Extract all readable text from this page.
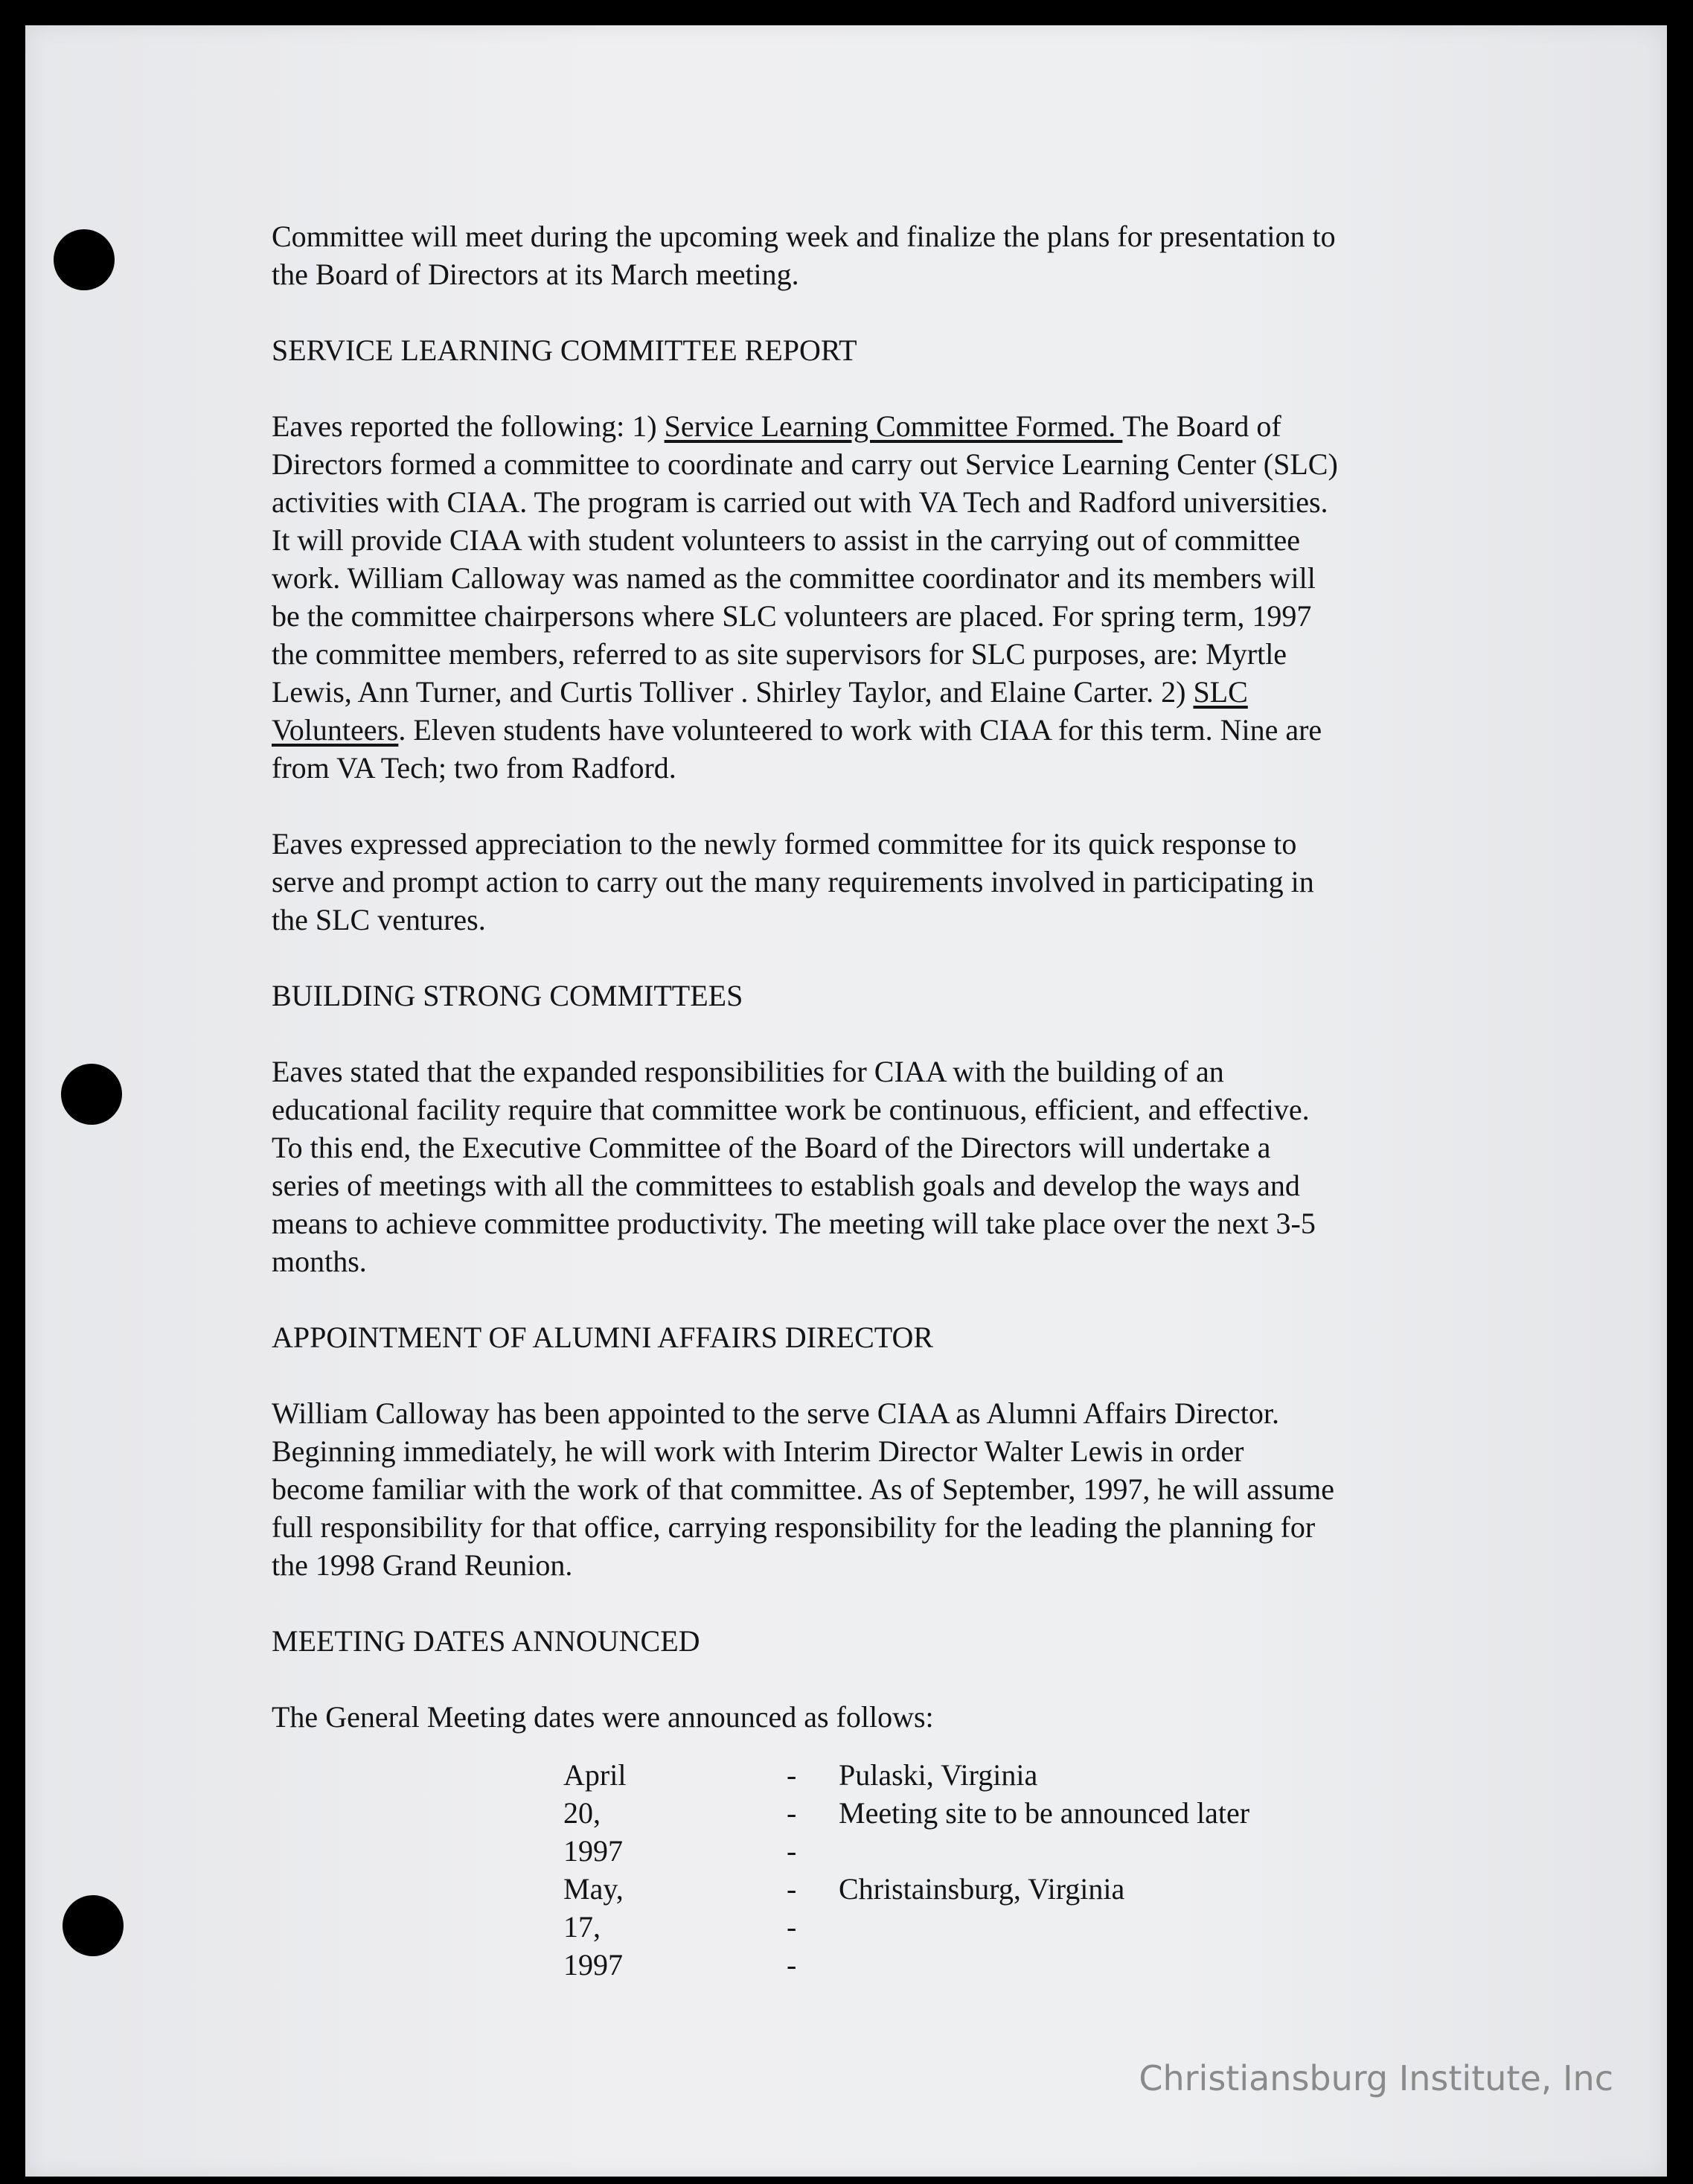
Committee will meet during the upcoming week and finalize the plans for presentation to
the Board of Directors at its March meeting.

SERVICE LEARNING COMMITTEE REPORT

Eaves reported the following: 1) Service Learning Committee Formed. The Board of
Directors formed a committee to coordinate and carry out Service Learning Center (SLC)
activities with CIAA. The program is carried out with VA Tech and Radford universities.
It will provide CIAA with student volunteers to assist in the carrying out of committee
work. William Calloway was named as the committee coordinator and its members will
be the committee chairpersons where SLC volunteers are placed. For spring term, 1997
the committee members, referred to as site supervisors for SLC purposes, are: Myrtle
Lewis, Ann Turner, and Curtis Tolliver . Shirley Taylor, and Elaine Carter. 2) SLC
Volunteers. Eleven students have volunteered to work with CIAA for this term. Nine are
from VA Tech; two from Radford.

Eaves expressed appreciation to the newly formed committee for its quick response to
serve and prompt action to carry out the many requirements involved in participating in
the SLC ventures.

BUILDING STRONG COMMITTEES

Eaves stated that the expanded responsibilities for CIAA with the building of an
educational facility require that committee work be continuous, efficient, and effective.
To this end, the Executive Committee of the Board of the Directors will undertake a
series of meetings with all the committees to establish goals and develop the ways and
means to achieve committee productivity. The meeting will take place over the next 3-5
months.

APPOINTMENT OF ALUMNI AFFAIRS DIRECTOR

William Calloway has been appointed to the serve CIAA as Alumni Affairs Director.
Beginning immediately, he will work with Interim Director Walter Lewis in order
become familiar with the work of that committee. As of September, 1997, he will assume
full responsibility for that office, carrying responsibility for the leading the planning for
the 1998 Grand Reunion.

MEETING DATES ANNOUNCED

The General Meeting dates were announced as follows:

April 20, 1997
---
Pulaski, Virginia
Meeting site to be announced later
May, 17, 1997
---
Christainsburg, Virginia
Christiansburg Institute, Inc
